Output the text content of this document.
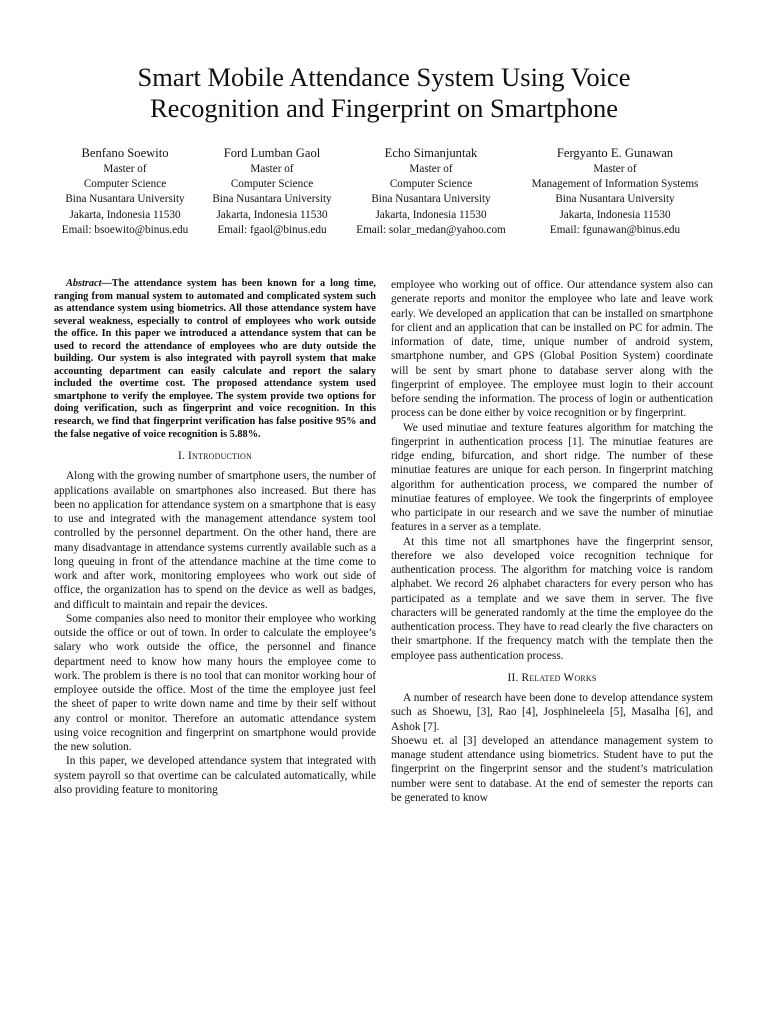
Smart Mobile Attendance System Using Voice
Recognition and Fingerprint on Smartphone
Benfano Soewito
Master of
Computer Science
Bina Nusantara University
Jakarta, Indonesia 11530
Email: bsoewito@binus.edu
Ford Lumban Gaol
Master of
Computer Science
Bina Nusantara University
Jakarta, Indonesia 11530
Email: fgaol@binus.edu
Echo Simanjuntak
Master of
Computer Science
Bina Nusantara University
Jakarta, Indonesia 11530
Email: solar_medan@yahoo.com
Fergyanto E. Gunawan
Master of
Management of Information Systems
Bina Nusantara University
Jakarta, Indonesia 11530
Email: fgunawan@binus.edu

Abstract—The attendance system has been known for a long time, ranging from manual system to automated and complicated system such as attendance system using biometrics. All those attendance system have several weakness, especially to control of employees who work outside the office. In this paper we introduced a attendance system that can be used to record the attendance of employees who are duty outside the building. Our system is also integrated with payroll system that make accounting department can easily calculate and report the salary included the overtime cost. The proposed attendance system used smartphone to verify the employee. The system provide two options for doing verification, such as fingerprint and voice recognition. In this research, we find that fingerprint verification has false positive 95% and the false negative of voice recognition is 5.88%.

I. Introduction

Along with the growing number of smartphone users, the number of applications available on smartphones also increased. But there has been no application for attendance system on a smartphone that is easy to use and integrated with the management attendance system tool controlled by the personnel department. On the other hand, there are many disadvantage in attendance systems currently available such as a long queuing in front of the attendance machine at the time come to work and after work, monitoring employees who work out side of office, the organization has to spend on the device as well as badges, and difficult to maintain and repair the devices.

Some companies also need to monitor their employee who working outside the office or out of town. In order to calculate the employee’s salary who work outside the office, the personnel and finance department need to know how many hours the employee come to work. The problem is there is no tool that can monitor working hour of employee outside the office. Most of the time the employee just feel the sheet of paper to write down name and time by their self without any control or monitor. Therefore an automatic attendance system using voice recognition and fingerprint on smartphone would provide the new solution.

In this paper, we developed attendance system that integrated with system payroll so that overtime can be calculated automatically, while also providing feature to monitoring

employee who working out of office. Our attendance system also can generate reports and monitor the employee who late and leave work early. We developed an application that can be installed on smartphone for client and an application that can be installed on PC for admin. The information of date, time, unique number of android system, smartphone number, and GPS (Global Position System) coordinate will be sent by smart phone to database server along with the fingerprint of employee. The employee must login to their account before sending the information. The process of login or authentication process can be done either by voice recognition or by fingerprint.

We used minutiae and texture features algorithm for matching the fingerprint in authentication process [1]. The minutiae features are ridge ending, bifurcation, and short ridge. The number of these minutiae features are unique for each person. In fingerprint matching algorithm for authentication process, we compared the number of minutiae features of employee. We took the fingerprints of employee who participate in our research and we save the number of minutiae features in a server as a template.

At this time not all smartphones have the fingerprint sensor, therefore we also developed voice recognition technique for authentication process. The algorithm for matching voice is random alphabet. We record 26 alphabet characters for every person who has participated as a template and we save them in server. The five characters will be generated randomly at the time the employee do the authentication process. They have to read clearly the five characters on their smartphone. If the frequency match with the template then the employee pass authentication process.

II. Related Works

A number of research have been done to develop attendance system such as Shoewu, [3], Rao [4], Josphineleela [5], Masalha [6], and Ashok [7].

Shoewu et. al [3] developed an attendance management system to manage student attendance using biometrics. Student have to put the fingerprint on the fingerprint sensor and the student’s matriculation number were sent to database. At the end of semester the reports can be generated to know
